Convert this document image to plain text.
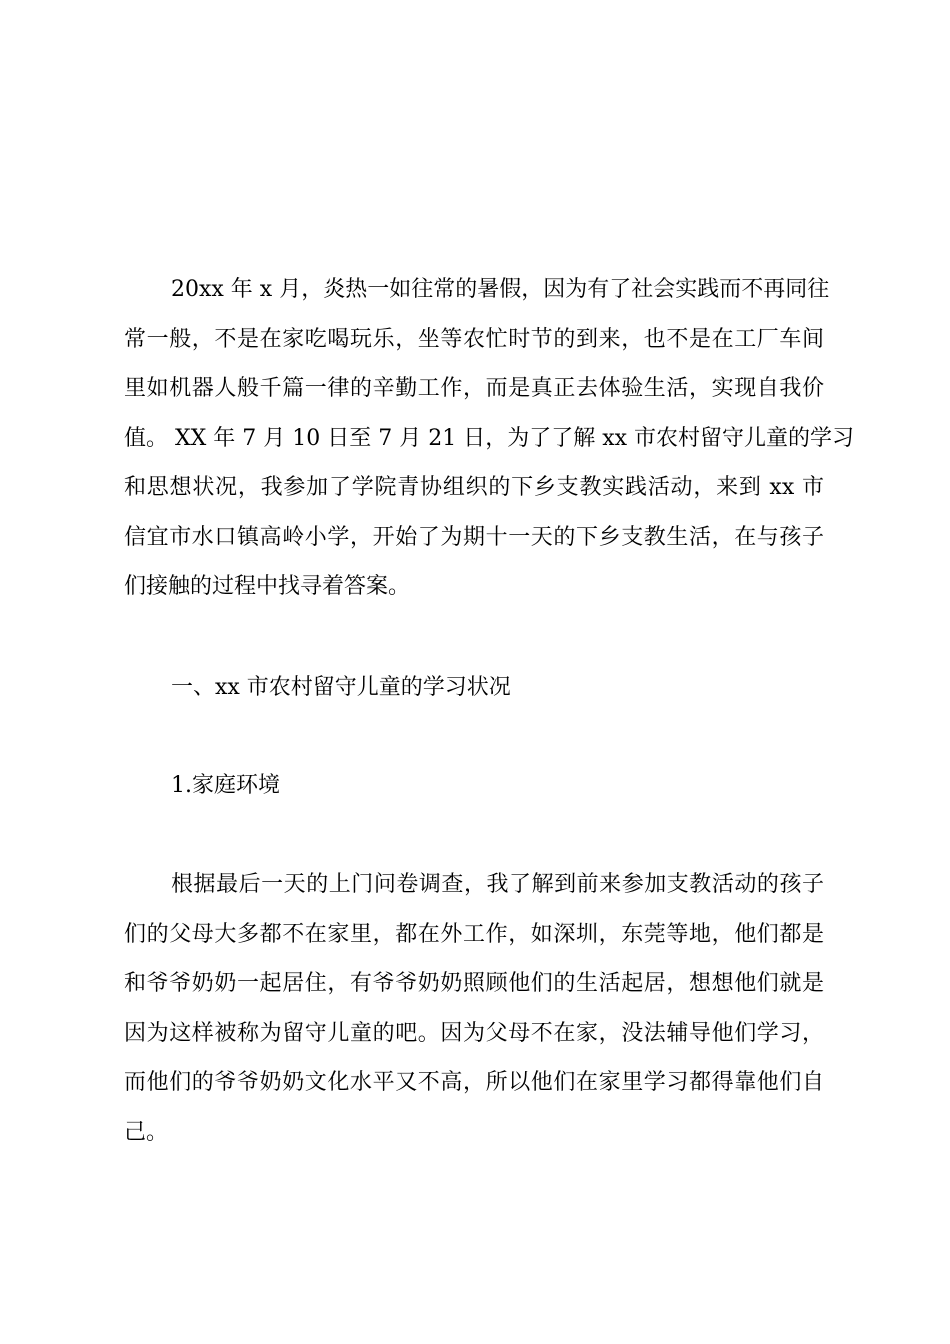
20xx 年 x 月，炎热一如往常的暑假，因为有了社会实践而不再同往
常一般，不是在家吃喝玩乐，坐等农忙时节的到来，也不是在工厂车间
里如机器人般千篇一律的辛勤工作，而是真正去体验生活，实现自我价
值。 XX 年 7 月 10 日至 7 月 21 日，为了了解 xx 市农村留守儿童的学习
和思想状况，我参加了学院青协组织的下乡支教实践活动，来到 xx 市
信宜市水口镇高岭小学，开始了为期十一天的下乡支教生活，在与孩子
们接触的过程中找寻着答案。
一、xx 市农村留守儿童的学习状况
1.家庭环境
根据最后一天的上门问卷调查，我了解到前来参加支教活动的孩子
们的父母大多都不在家里，都在外工作，如深圳，东莞等地，他们都是
和爷爷奶奶一起居住，有爷爷奶奶照顾他们的生活起居，想想他们就是
因为这样被称为留守儿童的吧。因为父母不在家，没法辅导他们学习，
而他们的爷爷奶奶文化水平又不高，所以他们在家里学习都得靠他们自
己。
